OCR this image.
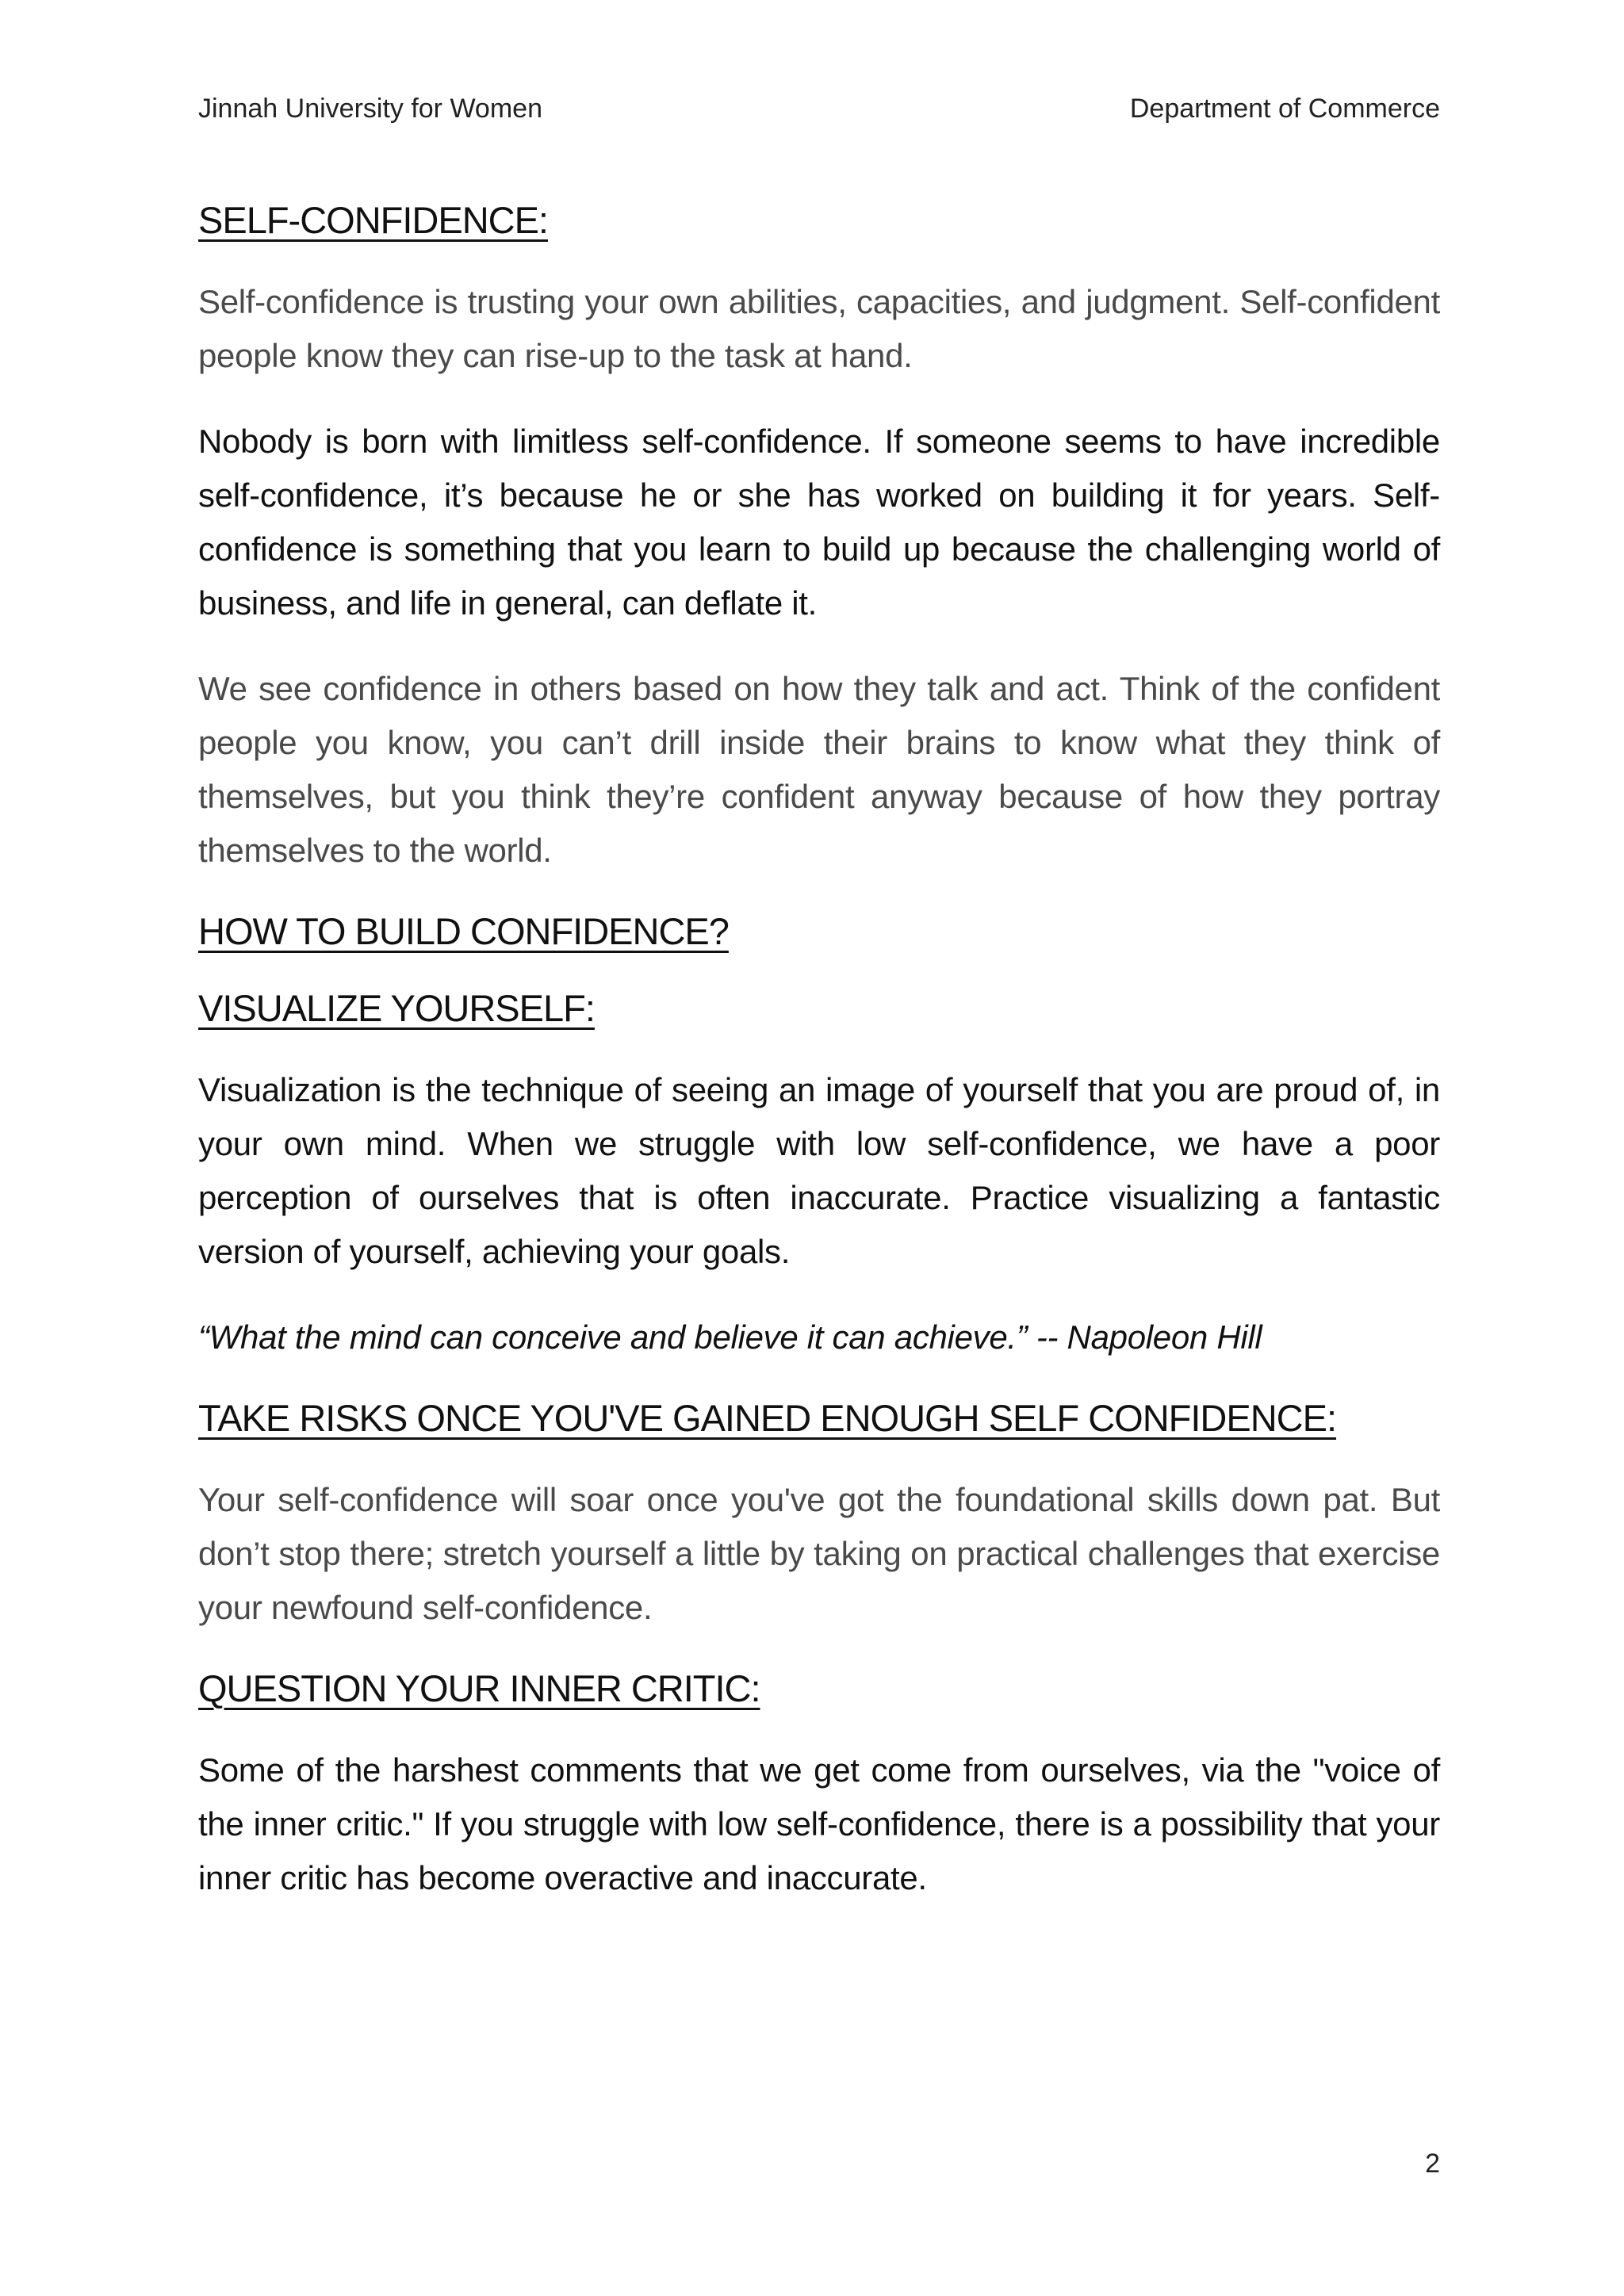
Jinnah University for Women	Department of Commerce
SELF-CONFIDENCE:

Self-confidence is trusting your own abilities, capacities, and judgment. Self-confident people know they can rise-up to the task at hand.

Nobody is born with limitless self-confidence. If someone seems to have incredible self-confidence, it’s because he or she has worked on building it for years. Self-confidence is something that you learn to build up because the challenging world of business, and life in general, can deflate it.

We see confidence in others based on how they talk and act. Think of the confident people you know, you can’t drill inside their brains to know what they think of themselves, but you think they’re confident anyway because of how they portray themselves to the world.

HOW TO BUILD CONFIDENCE?
VISUALIZE YOURSELF:

Visualization is the technique of seeing an image of yourself that you are proud of, in your own mind. When we struggle with low self-confidence, we have a poor perception of ourselves that is often inaccurate. Practice visualizing a fantastic version of yourself, achieving your goals.

“What the mind can conceive and believe it can achieve.” -- Napoleon Hill

TAKE RISKS ONCE YOU'VE GAINED ENOUGH SELF CONFIDENCE:

Your self-confidence will soar once you've got the foundational skills down pat. But don’t stop there; stretch yourself a little by taking on practical challenges that exercise your newfound self-confidence.

QUESTION YOUR INNER CRITIC:

Some of the harshest comments that we get come from ourselves, via the "voice of the inner critic." If you struggle with low self-confidence, there is a possibility that your inner critic has become overactive and inaccurate.

2
